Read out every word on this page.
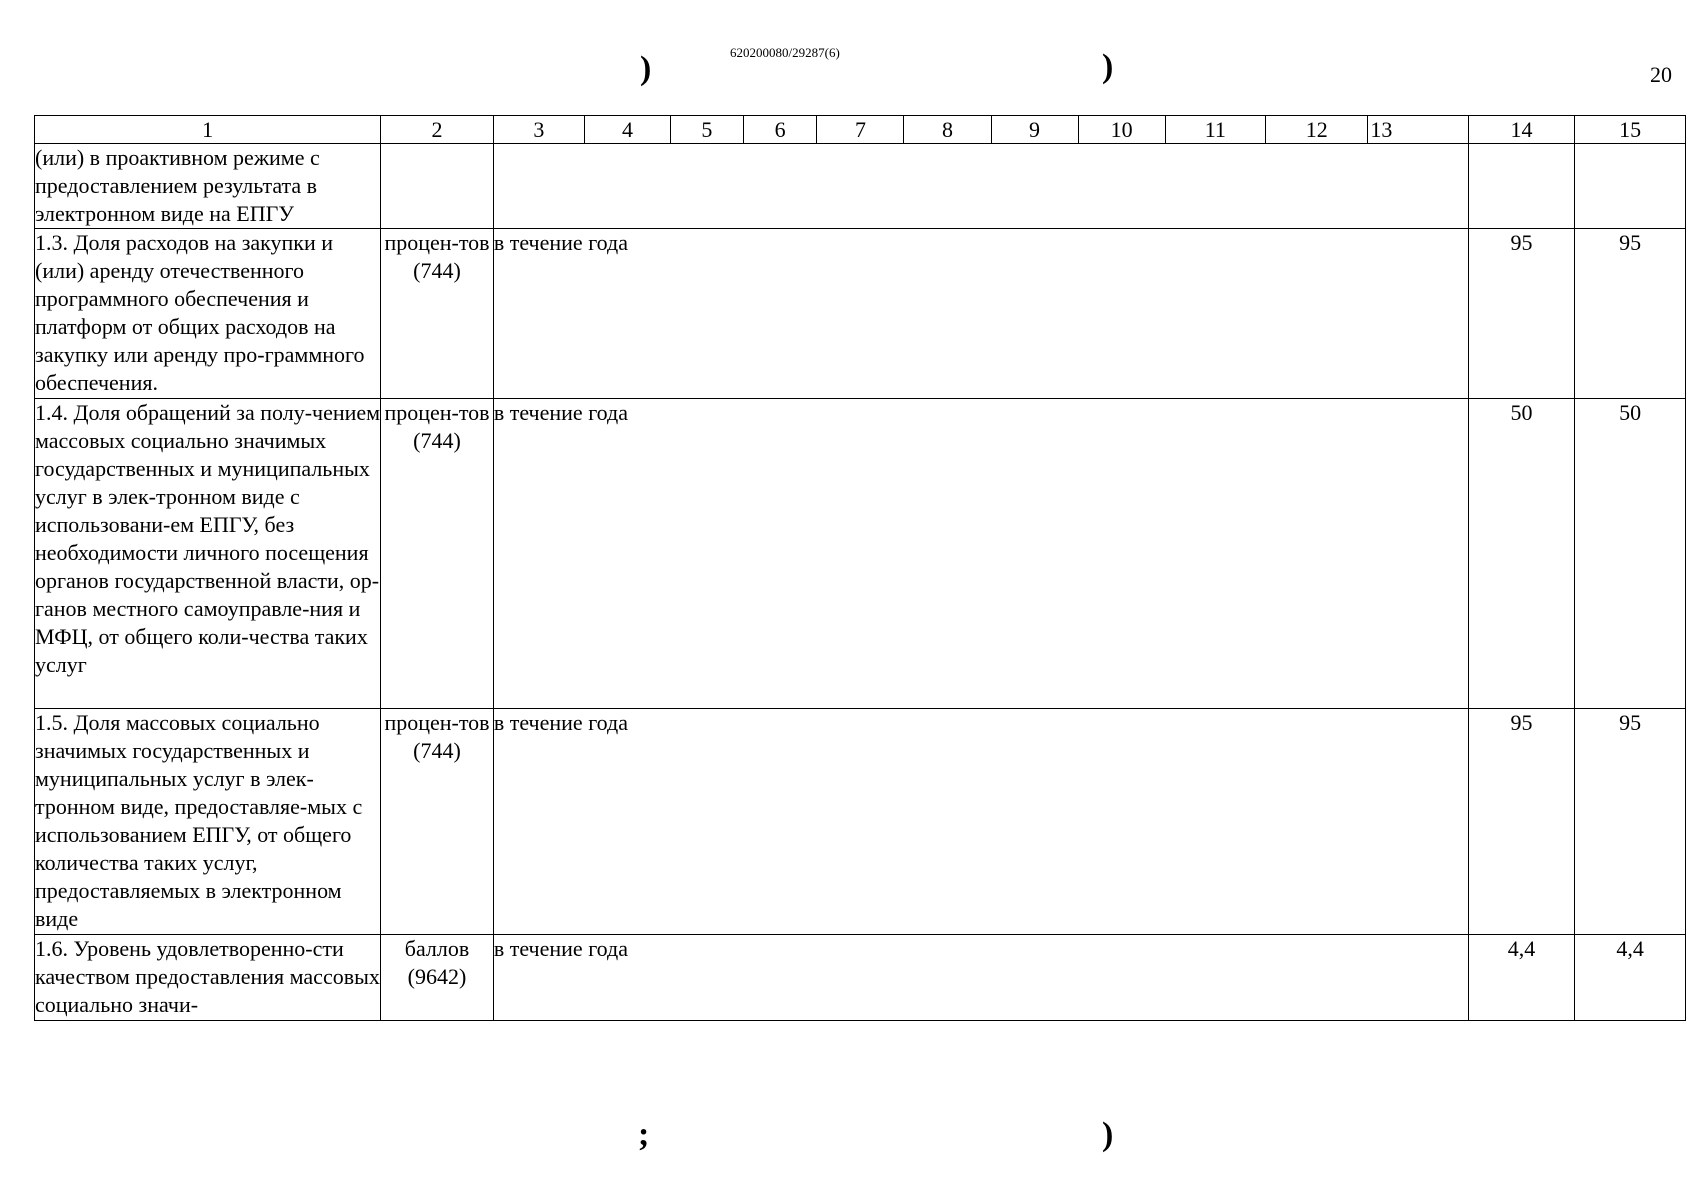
620200080/29287(6)
20
)	)
;	)
1	2	3	4	5	6	7	8	9	10	11	12	13	14	15
(или) в проактивном режиме с предоставлением результата в электронном виде на ЕПГУ														
1.3. Доля расходов на закупки и (или) аренду отечественного программного обеспечения и платформ от общих расходов на закупку или аренду про-граммного обеспечения.	процен-тов (744)	в течение года											95	95
1.4. Доля обращений за полу-чением массовых социально значимых государственных и муниципальных услуг в элек-тронном виде с использовани-ем ЕПГУ, без необходимости личного посещения органов государственной власти, ор-ганов местного самоуправле-ния и МФЦ, от общего коли-чества таких услуг	процен-тов (744)	в течение года											50	50
1.5. Доля массовых социально значимых государственных и муниципальных услуг в элек-тронном виде, предоставляе-мых с использованием ЕПГУ, от общего количества таких услуг, предоставляемых в электронном виде	процен-тов (744)	в течение года											95	95
1.6. Уровень удовлетворенно-сти качеством предоставления массовых социально значи-	баллов (9642)	в течение года											4,4	4,4
